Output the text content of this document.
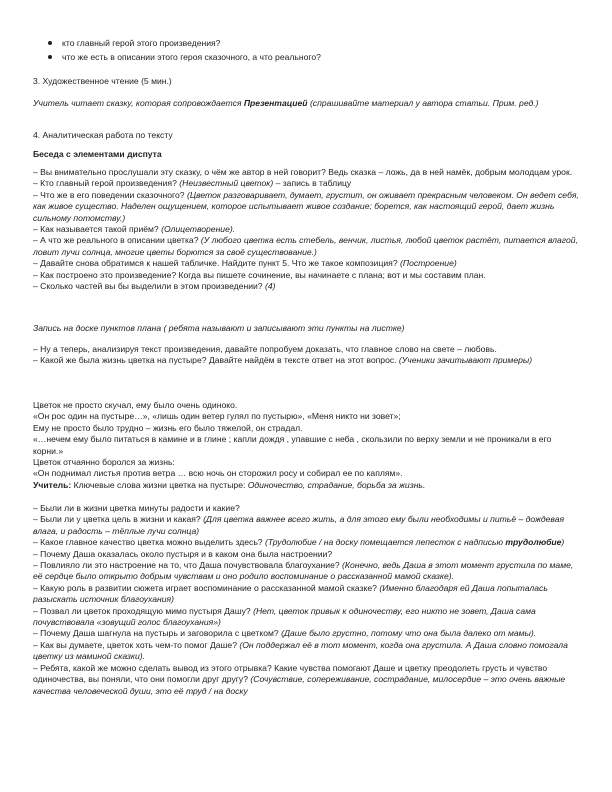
кто главный герой этого произведения?
что же есть в описании этого героя сказочного, а что реального?

3. Художественное чтение (5 мин.)

Учитель читает сказку, которая сопровождается Презентацией (спрашивайте материал у автора статьи. Прим. ред.)

4. Аналитическая работа по тексту

Беседа с элементами диспута

– Вы внимательно прослушали эту сказку, о чём же автор в ней говорит? Ведь сказка – ложь, да в ней намёк, добрым молодцам урок.

– Кто главный герой произведения? (Неизвестный цветок) – запись в таблицу

– Что же в его поведении сказочного? (Цветок разговаривает, думает, грустит, он оживает прекрасным человеком. Он ведет себя, как живое существо. Наделен ощущением, которое испытывает живое создание; борется, как настоящий герой, дает жизнь сильному потомству.)

– Как называется такой приём? (Олицетворение).

– А что же реального в описании цветка? (У любого цветка есть стебель, венчик, листья, любой цветок растёт, питается влагой, ловит лучи солнца, многие цветы борются за своё существование.)

– Давайте снова обратимся к нашей табличке. Найдите пункт 5. Что же такое композиция? (Построение)

– Как построено это произведение? Когда вы пишете сочинение, вы начинаете с плана; вот и мы составим план.

– Сколько частей вы бы выделили в этом произведении? (4)

Запись на доске пунктов плана ( ребята называют и записывают эти пункты на листке)

– Ну а теперь, анализируя текст произведения, давайте попробуем доказать, что главное слово на свете – любовь.

– Какой же была жизнь цветка на пустыре? Давайте найдём в тексте ответ на этот вопрос. (Ученики зачитывают примеры)

Цветок не просто скучал, ему было очень одиноко.

«Он рос один на пустыре…», «лишь один ветер гулял по пустырю», «Меня никто ни зовет»;

Ему не просто было трудно – жизнь его было тяжелой, он страдал.

«…нечем ему было питаться в камине и в глине ; капли дождя , упавшие с неба , скользили по верху земли и не проникали в его корни.»

Цветок отчаянно боролся за жизнь:

«Он поднимал листья против ветра … всю ночь он сторожил росу и собирал ее по каплям».

Учитель: Ключевые слова жизни цветка на пустыре: Одиночество, страдание, борьба за жизнь.

– Были ли в жизни цветка минуты радости и какие?

– Были ли у цветка цель в жизни и какая? (Для цветка важнее всего жить, а для этого ему были необходимы и питьё – дождевая влага, и радость – тёплые лучи солнца)

– Какое главное качество цветка можно выделить здесь? (Трудолюбие / на доску помещается лепесток с надписью трудолюбие)

– Почему Даша оказалась около пустыря и в каком она была настроении?

– Повлияло ли это настроение на то, что Даша почувствовала благоухание? (Конечно, ведь Даша в этот момент грустила по маме, её сердце было открыто добрым чувствам и оно родило воспоминание о рассказанной мамой сказке).

– Какую роль в развитии сюжета играет воспоминание о рассказанной мамой сказке? (Именно благодаря ей Даша попыталась разыскать источник благоухания)

– Позвал ли цветок проходящую мимо пустыря Дашу? (Нет, цветок привык к одиночеству, его никто не зовет, Даша сама почувствовала «зовущий голос благоухания»)

– Почему Даша шагнула на пустырь и заговорила с цветком? (Даше было грустно, потому что она была далеко от мамы).

– Как вы думаете, цветок хоть чем-то помог Даше? (Он поддержал её в тот момент, когда она грустила. А Даша словно помогала цветку из маминой сказки).

– Ребята, какой же можно сделать вывод из этого отрывка? Какие чувства помогают Даше и цветку преодолеть грусть и чувство одиночества, вы поняли, что они помогли друг другу? (Сочувствие, сопереживание, сострадание, милосердие – это очень важные качества человеческой души, это её труд / на доску
